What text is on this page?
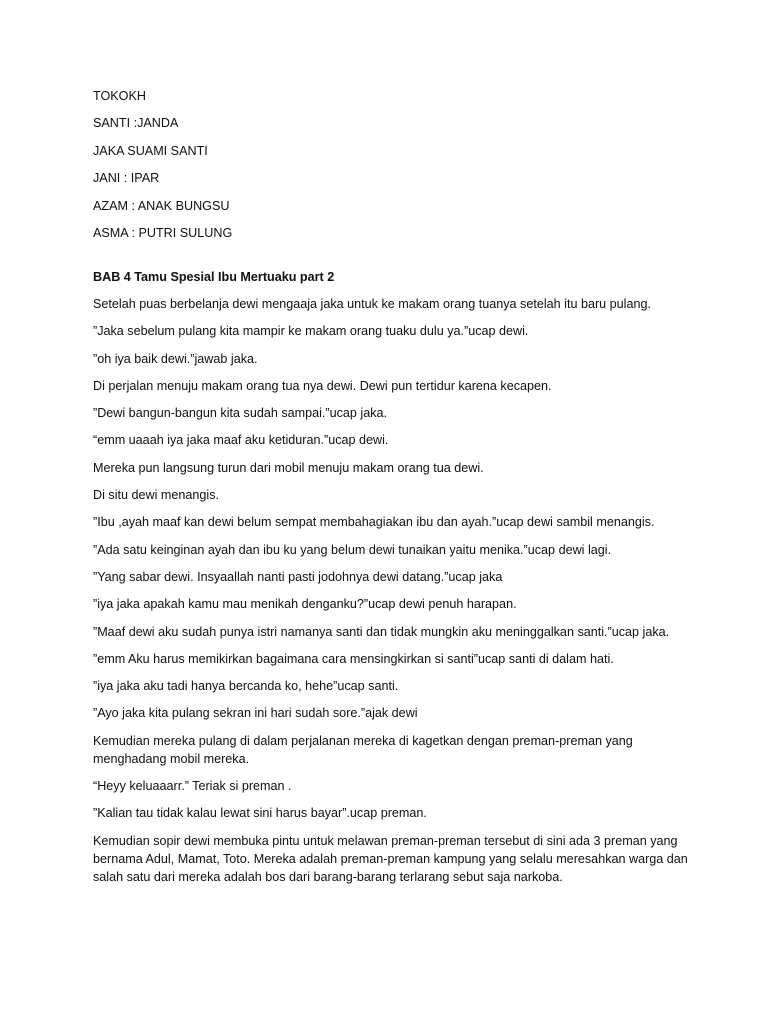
TOKOKH
SANTI :JANDA
JAKA SUAMI SANTI
JANI : IPAR
AZAM : ANAK BUNGSU
ASMA : PUTRI SULUNG
BAB 4 Tamu Spesial Ibu Mertuaku part 2

Setelah puas berbelanja dewi mengaaja jaka untuk ke makam orang tuanya setelah itu baru pulang.

”Jaka sebelum pulang kita mampir ke makam orang tuaku dulu ya.”ucap dewi.

”oh iya baik dewi.”jawab jaka.

Di perjalan menuju makam orang tua nya dewi. Dewi pun tertidur karena kecapen.

”Dewi bangun-bangun kita sudah sampai.”ucap jaka.

“emm uaaah iya jaka maaf aku ketiduran.”ucap dewi.

Mereka pun langsung turun dari mobil menuju makam orang tua dewi.

Di situ dewi menangis.

”Ibu ,ayah maaf kan dewi belum sempat membahagiakan ibu dan ayah.”ucap dewi sambil menangis.

”Ada satu keinginan ayah dan ibu ku yang belum dewi tunaikan yaitu menika.”ucap dewi lagi.

”Yang sabar dewi. Insyaallah nanti pasti jodohnya dewi datang.”ucap jaka

”iya jaka apakah kamu mau menikah denganku?”ucap dewi penuh harapan.

”Maaf dewi aku sudah punya istri namanya santi dan tidak mungkin aku meninggalkan santi.”ucap jaka.

”emm Aku harus memikirkan bagaimana cara mensingkirkan si santi”ucap santi di dalam hati.

”iya jaka aku tadi hanya bercanda ko, hehe”ucap santi.

”Ayo jaka kita pulang sekran ini hari sudah sore.”ajak dewi

Kemudian mereka pulang di dalam perjalanan mereka di kagetkan dengan preman-preman yang menghadang mobil mereka.

“Heyy keluaaarr.” Teriak si preman .

”Kalian tau tidak kalau lewat sini harus bayar”.ucap preman.

Kemudian sopir dewi membuka pintu untuk melawan preman-preman tersebut di sini ada 3 preman yang bernama Adul, Mamat, Toto. Mereka adalah preman-preman kampung yang selalu meresahkan warga dan salah satu dari mereka adalah bos dari barang-barang terlarang sebut saja narkoba.
